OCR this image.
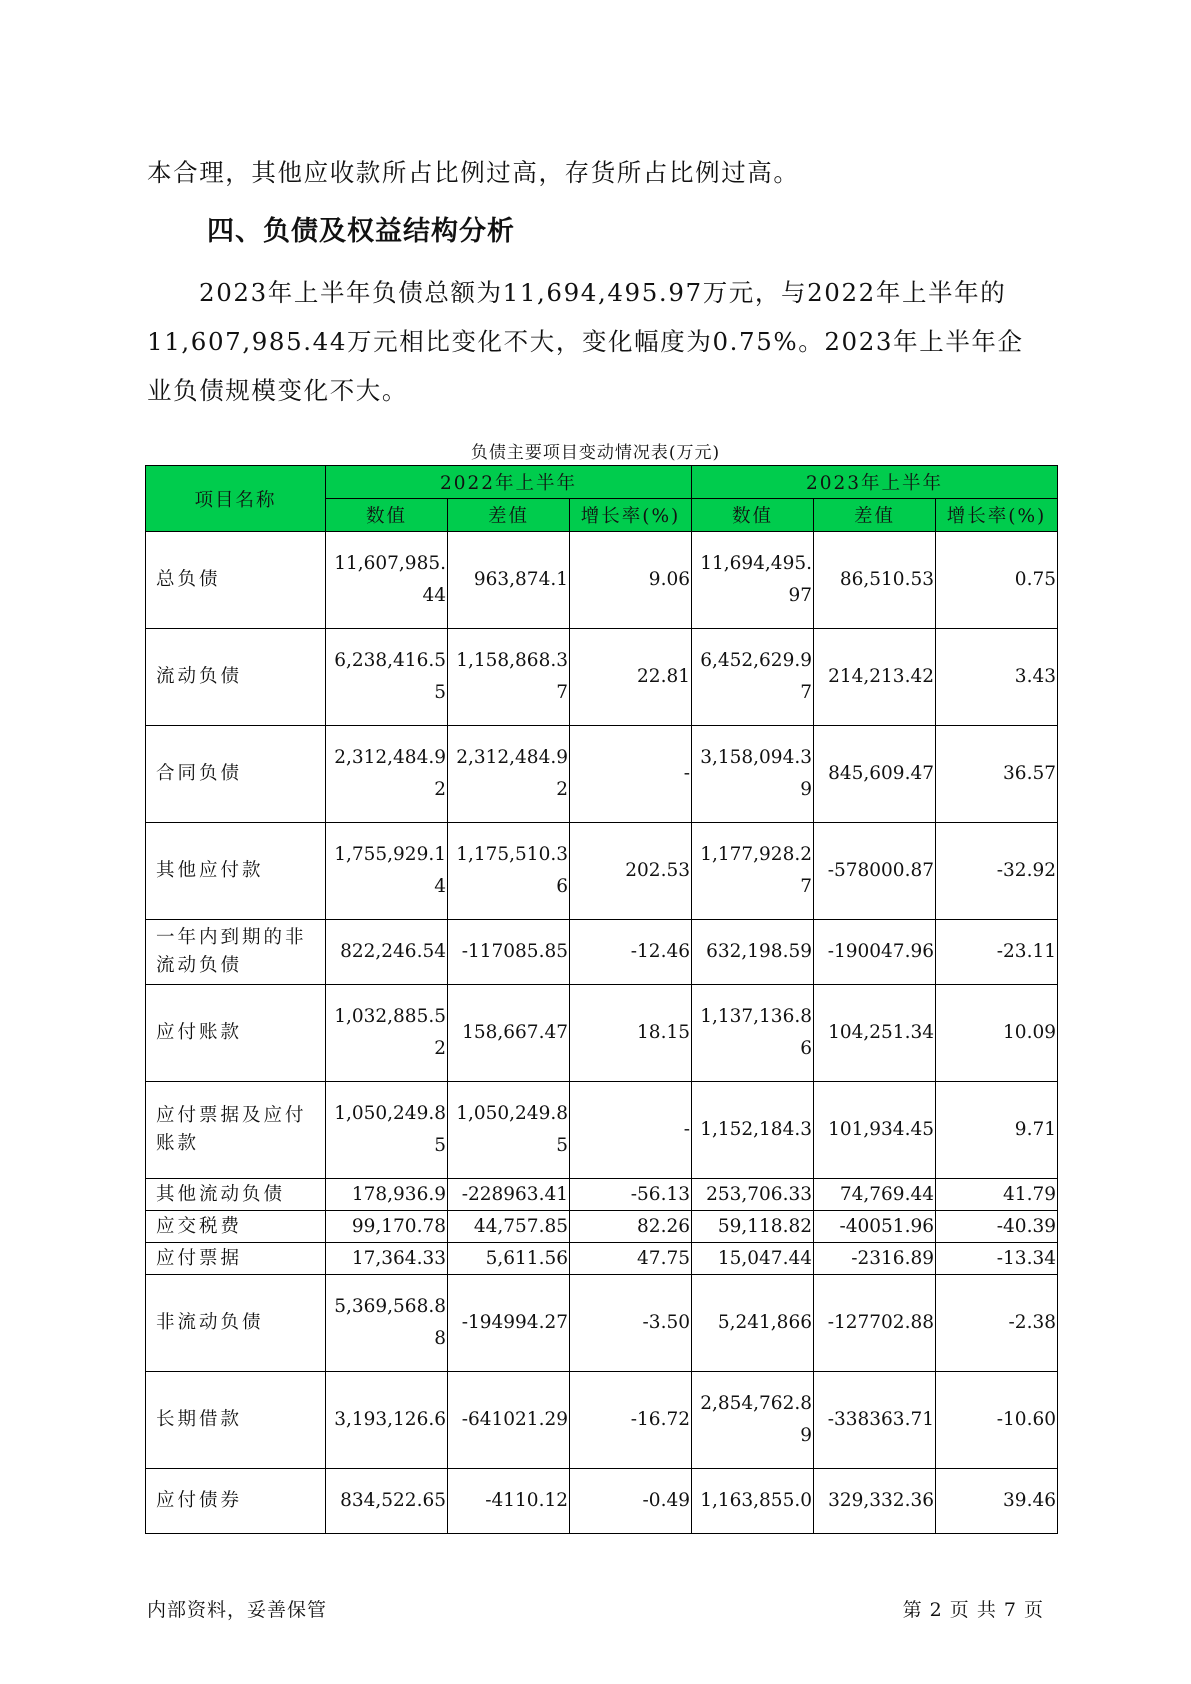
本合理，其他应收款所占比例过高，存货所占比例过高。
四、负债及权益结构分析
2023年上半年负债总额为11,694,495.97万元，与2022年上半年的11,607,985.44万元相比变化不大，变化幅度为0.75%。2023年上半年企业负债规模变化不大。
负债主要项目变动情况表(万元)
项目名称	2022年上半年			2023年上半年		
	数值	差值	增长率(%)	数值	差值	增长率(%)
总负债	11,607,985.44	963,874.1	9.06	11,694,495.97	86,510.53	0.75
流动负债	6,238,416.55	1,158,868.37	22.81	6,452,629.97	214,213.42	3.43
合同负债	2,312,484.92	2,312,484.92	-	3,158,094.39	845,609.47	36.57
其他应付款	1,755,929.14	1,175,510.36	202.53	1,177,928.27	-578000.87	-32.92
一年内到期的非流动负债	822,246.54	-117085.85	-12.46	632,198.59	-190047.96	-23.11
应付账款	1,032,885.52	158,667.47	18.15	1,137,136.86	104,251.34	10.09
应付票据及应付账款	1,050,249.85	1,050,249.85	-	1,152,184.3	101,934.45	9.71
其他流动负债	178,936.9	-228963.41	-56.13	253,706.33	74,769.44	41.79
应交税费	99,170.78	44,757.85	82.26	59,118.82	-40051.96	-40.39
应付票据	17,364.33	5,611.56	47.75	15,047.44	-2316.89	-13.34
非流动负债	5,369,568.88	-194994.27	-3.50	5,241,866	-127702.88	-2.38
长期借款	3,193,126.6	-641021.29	-16.72	2,854,762.89	-338363.71	-10.60
应付债券	834,522.65	-4110.12	-0.49	1,163,855.0	329,332.36	39.46
内部资料，妥善保管	第 2 页 共 7 页
